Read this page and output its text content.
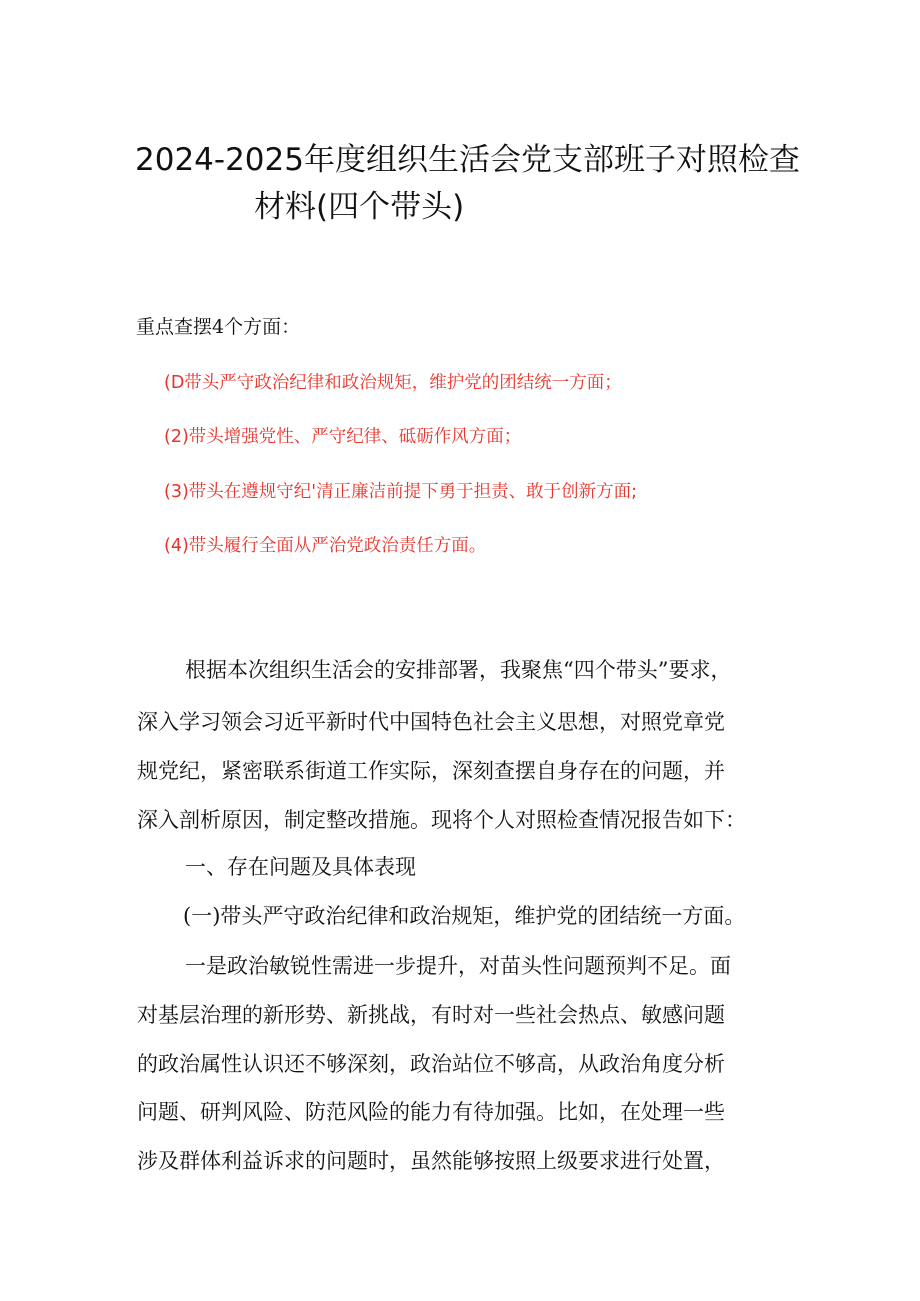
2024-2025年度组织生活会党支部班子对照检查
材料(四个带头)
重点查摆4个方面：
(D带头严守政治纪律和政治规矩，维护党的团结统一方面；
(2)带头增强党性、严守纪律、砥砺作风方面；
(3)带头在遵规守纪'清正廉洁前提下勇于担责、敢于创新方面;
(4)带头履行全面从严治党政治责任方面。
根据本次组织生活会的安排部署，我聚焦“四个带头”要求，
深入学习领会习近平新时代中国特色社会主义思想，对照党章党
规党纪，紧密联系街道工作实际，深刻查摆自身存在的问题，并
深入剖析原因，制定整改措施。现将个人对照检查情况报告如下：
一、存在问题及具体表现
(一)带头严守政治纪律和政治规矩，维护党的团结统一方面。
一是政治敏锐性需进一步提升，对苗头性问题预判不足。面
对基层治理的新形势、新挑战，有时对一些社会热点、敏感问题
的政治属性认识还不够深刻，政治站位不够高，从政治角度分析
问题、研判风险、防范风险的能力有待加强。比如，在处理一些
涉及群体利益诉求的问题时，虽然能够按照上级要求进行处置，
